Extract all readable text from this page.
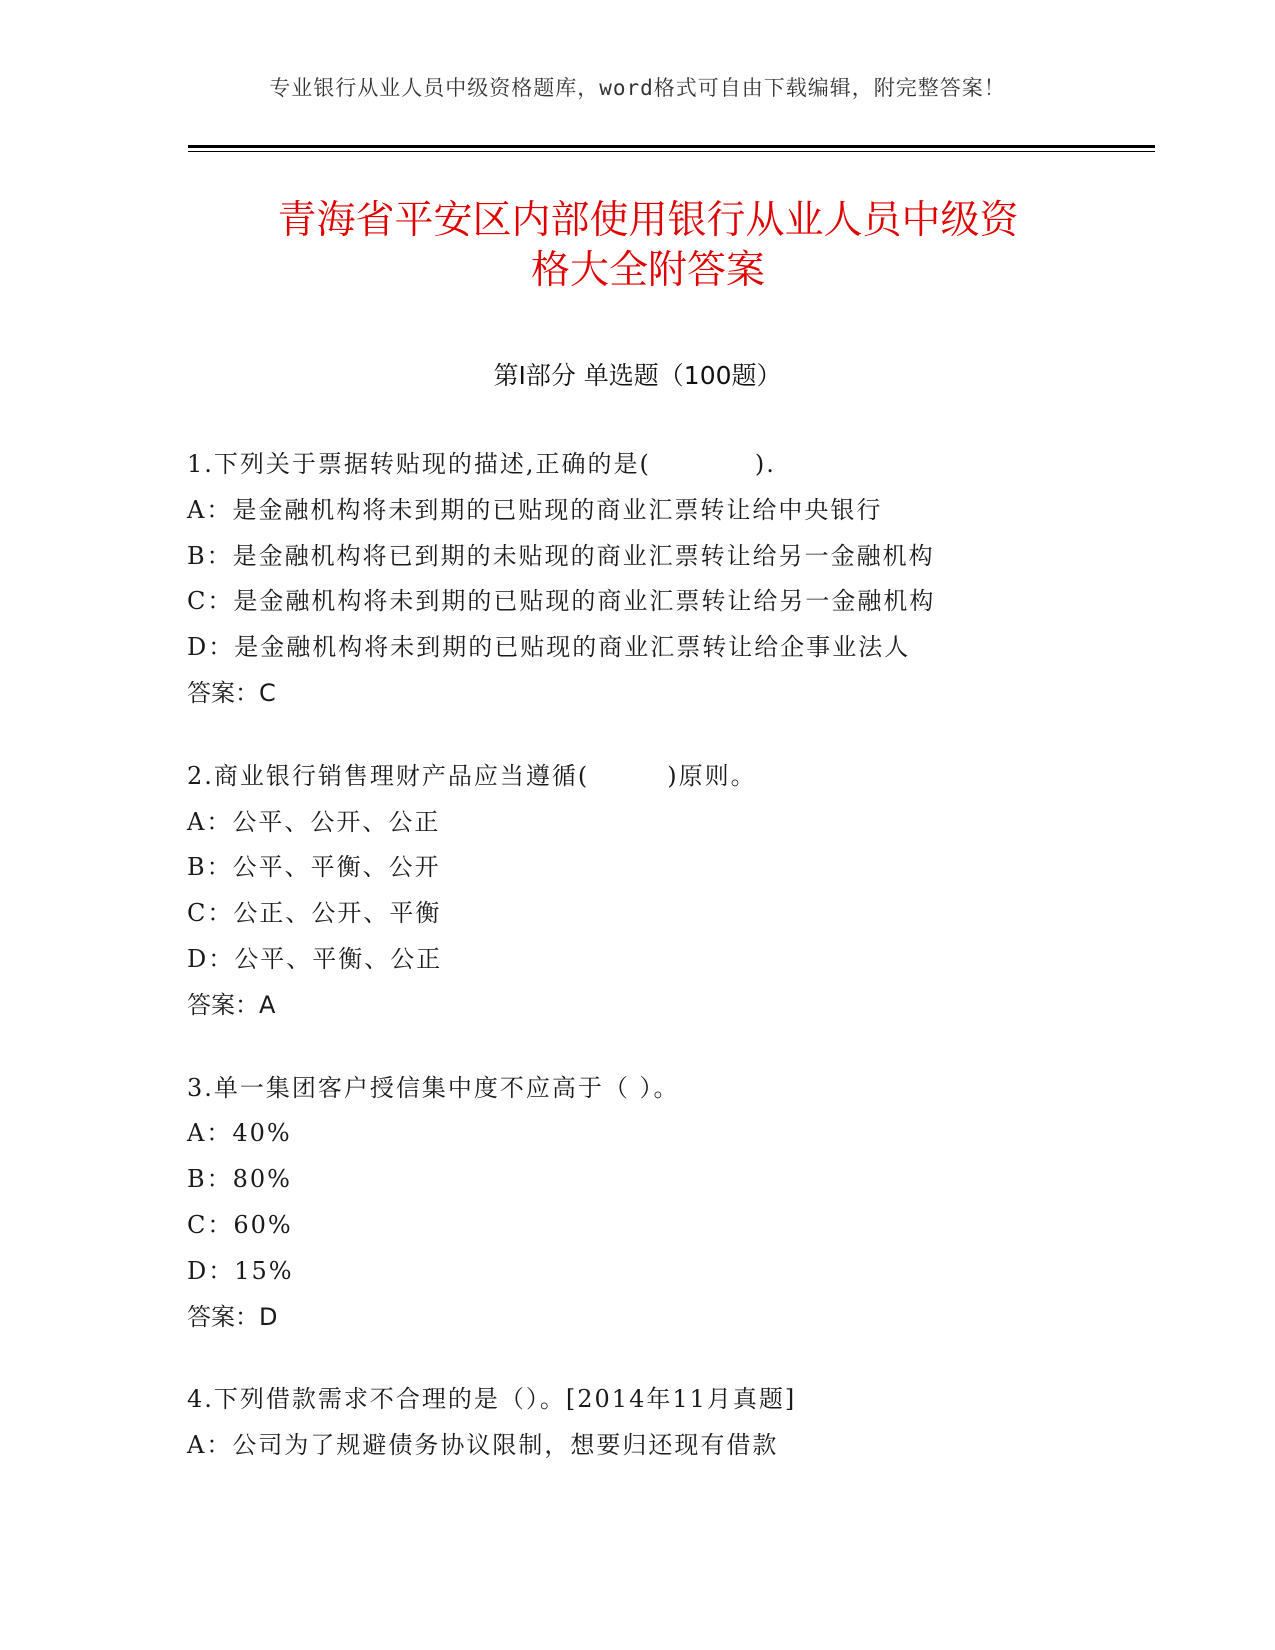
专业银行从业人员中级资格题库，word格式可自由下载编辑，附完整答案！
青海省平安区内部使用银行从业人员中级资
格大全附答案
第Ⅰ部分 单选题（100题）
1.下列关于票据转贴现的描述,正确的是(　　　　).
A：是金融机构将未到期的已贴现的商业汇票转让给中央银行
B：是金融机构将已到期的未贴现的商业汇票转让给另一金融机构
C：是金融机构将未到期的已贴现的商业汇票转让给另一金融机构
D：是金融机构将未到期的已贴现的商业汇票转让给企事业法人
答案：C
2.商业银行销售理财产品应当遵循(　　　)原则。
A：公平、公开、公正
B：公平、平衡、公开
C：公正、公开、平衡
D：公平、平衡、公正
答案：A
3.单一集团客户授信集中度不应高于（ ）。
A：40%
B：80%
C：60%
D：15%
答案：D
4.下列借款需求不合理的是（）。[2014年11月真题]
A：公司为了规避债务协议限制，想要归还现有借款
